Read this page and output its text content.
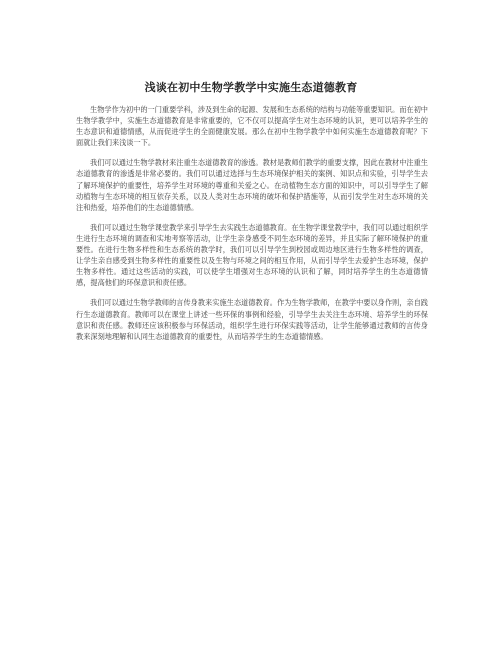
浅谈在初中生物学教学中实施生态道德教育

生物学作为初中的一门重要学科，涉及到生命的起源、发展和生态系统的结构与功能等重要知识。而在初中生物学教学中，实施生态道德教育是非常重要的，它不仅可以提高学生对生态环境的认识，更可以培养学生的生态意识和道德情感，从而促进学生的全面健康发展。那么在初中生物学教学中如何实施生态道德教育呢？下面就让我们来浅谈一下。

我们可以通过生物学教材来注重生态道德教育的渗透。教材是教师们教学的重要支撑，因此在教材中注重生态道德教育的渗透是非常必要的。我们可以通过选择与生态环境保护相关的案例、知识点和实验，引导学生去了解环境保护的重要性，培养学生对环境的尊重和关爱之心。在动植物生态方面的知识中，可以引导学生了解动植物与生态环境的相互依存关系，以及人类对生态环境的破坏和保护措施等，从而引发学生对生态环境的关注和热爱，培养他们的生态道德情感。

我们可以通过生物学课堂教学来引导学生去实践生态道德教育。在生物学课堂教学中，我们可以通过组织学生进行生态环境的调查和实地考察等活动，让学生亲身感受不同生态环境的差异，并且实际了解环境保护的重要性。在进行生物多样性和生态系统的教学时，我们可以引导学生到校园或周边地区进行生物多样性的调查，让学生亲自感受到生物多样性的重要性以及生物与环境之间的相互作用，从而引导学生去爱护生态环境，保护生物多样性。通过这些活动的实践，可以使学生增强对生态环境的认识和了解，同时培养学生的生态道德情感，提高他们的环保意识和责任感。

我们可以通过生物学教师的言传身教来实施生态道德教育。作为生物学教师，在教学中要以身作则，亲自践行生态道德教育。教师可以在课堂上讲述一些环保的事例和经验，引导学生去关注生态环境、培养学生的环保意识和责任感。教师还应该积极参与环保活动，组织学生进行环保实践等活动，让学生能够通过教师的言传身教来深刻地理解和认同生态道德教育的重要性，从而培养学生的生态道德情感。
